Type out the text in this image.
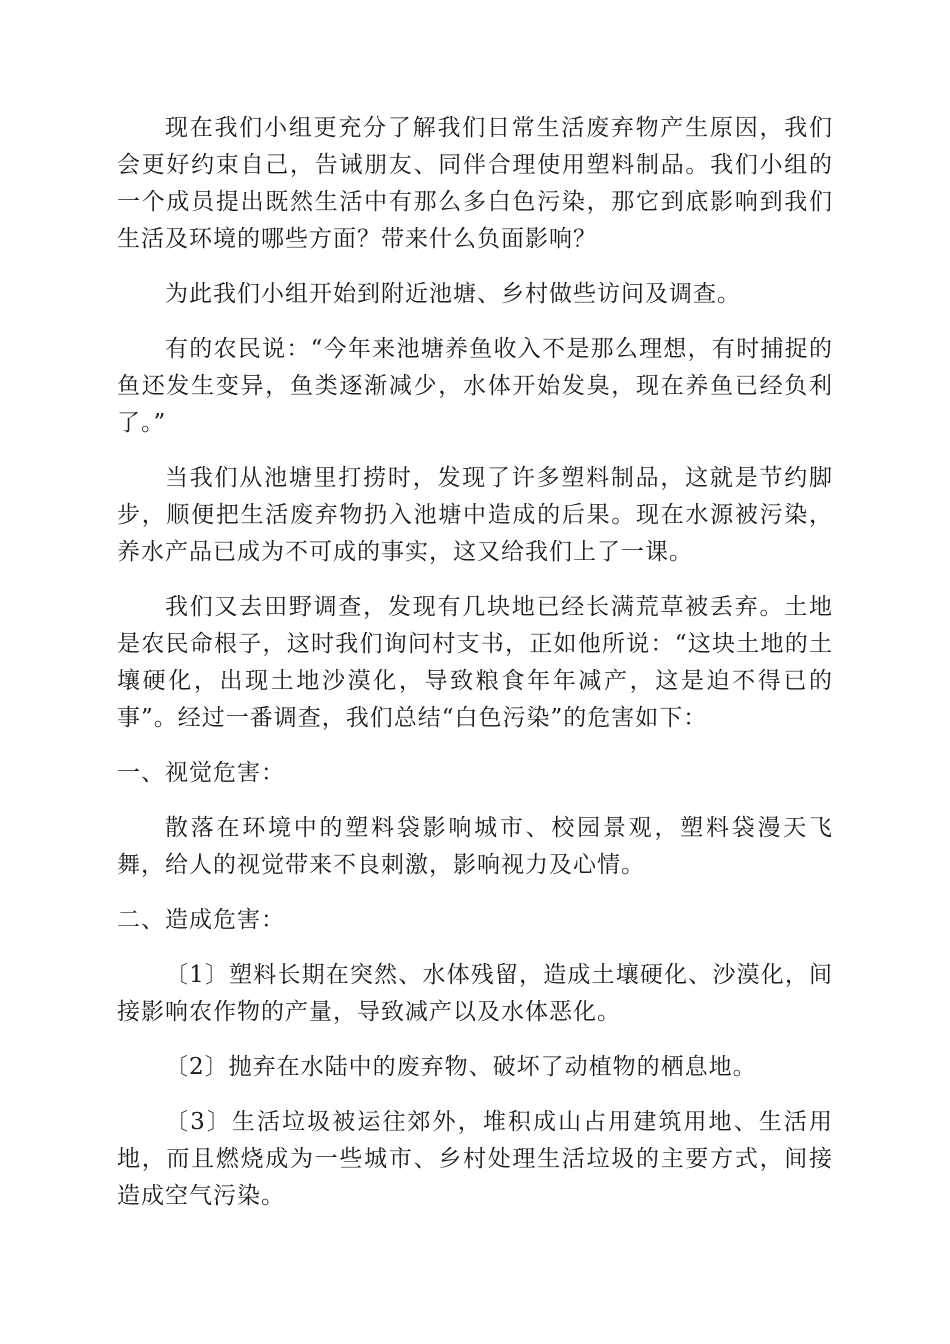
现在我们小组更充分了解我们日常生活废弃物产生原因，我们会更好约束自己，告诫朋友、同伴合理使用塑料制品。我们小组的一个成员提出既然生活中有那么多白色污染，那它到底影响到我们生活及环境的哪些方面？带来什么负面影响？

为此我们小组开始到附近池塘、乡村做些访问及调查。

有的农民说：“今年来池塘养鱼收入不是那么理想，有时捕捉的鱼还发生变异，鱼类逐渐减少，水体开始发臭，现在养鱼已经负利了。”

当我们从池塘里打捞时，发现了许多塑料制品，这就是节约脚步，顺便把生活废弃物扔入池塘中造成的后果。现在水源被污染，养水产品已成为不可成的事实，这又给我们上了一课。

我们又去田野调查，发现有几块地已经长满荒草被丢弃。土地是农民命根子，这时我们询问村支书，正如他所说：“这块土地的土壤硬化，出现土地沙漠化，导致粮食年年减产，这是迫不得已的事”。经过一番调查，我们总结“白色污染”的危害如下：

一、视觉危害：

散落在环境中的塑料袋影响城市、校园景观，塑料袋漫天飞舞，给人的视觉带来不良刺激，影响视力及心情。

二、造成危害：

〔1〕塑料长期在突然、水体残留，造成土壤硬化、沙漠化，间接影响农作物的产量，导致减产以及水体恶化。

〔2〕抛弃在水陆中的废弃物、破坏了动植物的栖息地。

〔3〕生活垃圾被运往郊外，堆积成山占用建筑用地、生活用地，而且燃烧成为一些城市、乡村处理生活垃圾的主要方式，间接造成空气污染。
